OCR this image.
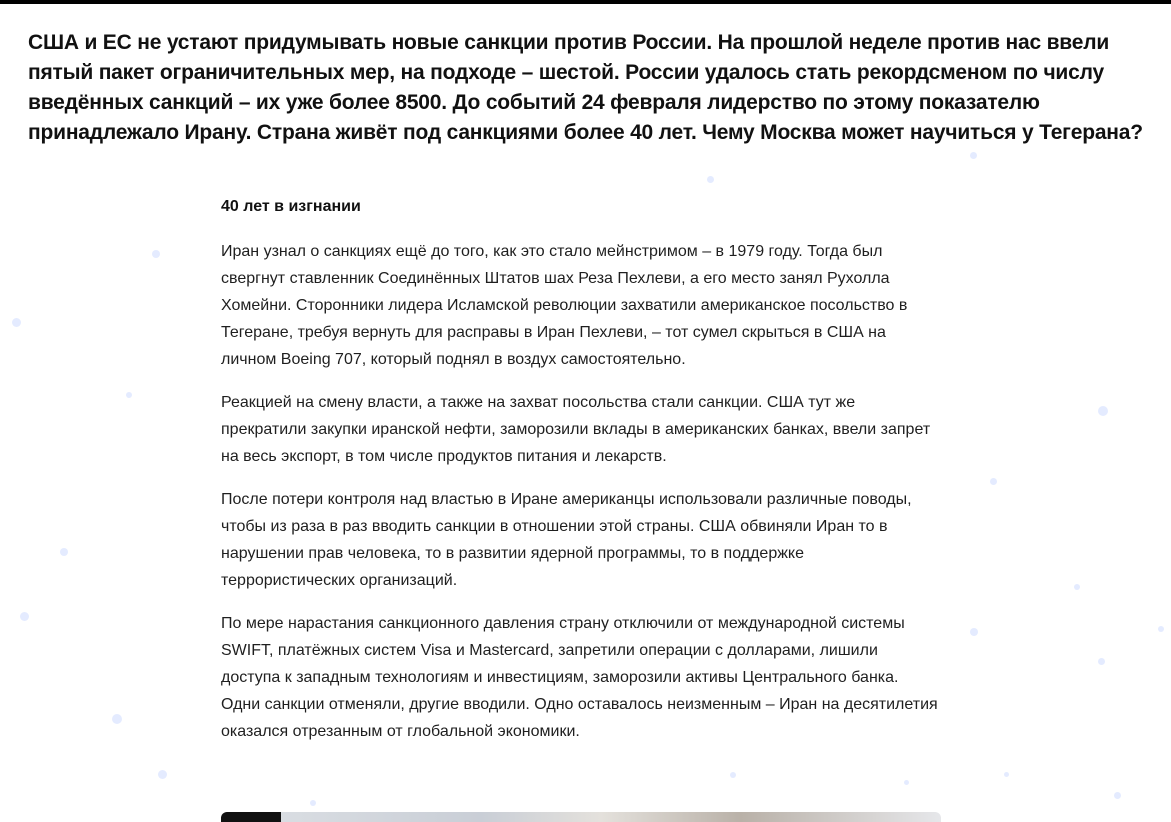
США и ЕС не устают придумывать новые санкции против России. На прошлой неделе против нас ввели пятый пакет ограничительных мер, на подходе – шестой. России удалось стать рекордсменом по числу введённых санкций – их уже более 8500. До событий 24 февраля лидерство по этому показателю принадлежало Ирану. Страна живёт под санкциями более 40 лет. Чему Москва может научиться у Тегерана?

40 лет в изгнании

Иран узнал о санкциях ещё до того, как это стало мейнстримом – в 1979 году. Тогда был свергнут ставленник Соединённых Штатов шах Реза Пехлеви, а его место занял Рухолла Хомейни. Сторонники лидера Исламской революции захватили американское посольство в Тегеране, требуя вернуть для расправы в Иран Пехлеви, – тот сумел скрыться в США на личном Boeing 707, который поднял в воздух самостоятельно.

Реакцией на смену власти, а также на захват посольства стали санкции. США тут же прекратили закупки иранской нефти, заморозили вклады в американских банках, ввели запрет на весь экспорт, в том числе продуктов питания и лекарств.

После потери контроля над властью в Иране американцы использовали различные поводы, чтобы из раза в раз вводить санкции в отношении этой страны. США обвиняли Иран то в нарушении прав человека, то в развитии ядерной программы, то в поддержке террористических организаций.

По мере нарастания санкционного давления страну отключили от международной системы SWIFT, платёжных систем Visa и Mastercard, запретили операции с долларами, лишили доступа к западным технологиям и инвестициям, заморозили активы Центрального банка. Одни санкции отменяли, другие вводили. Одно оставалось неизменным – Иран на десятилетия оказался отрезанным от глобальной экономики.
